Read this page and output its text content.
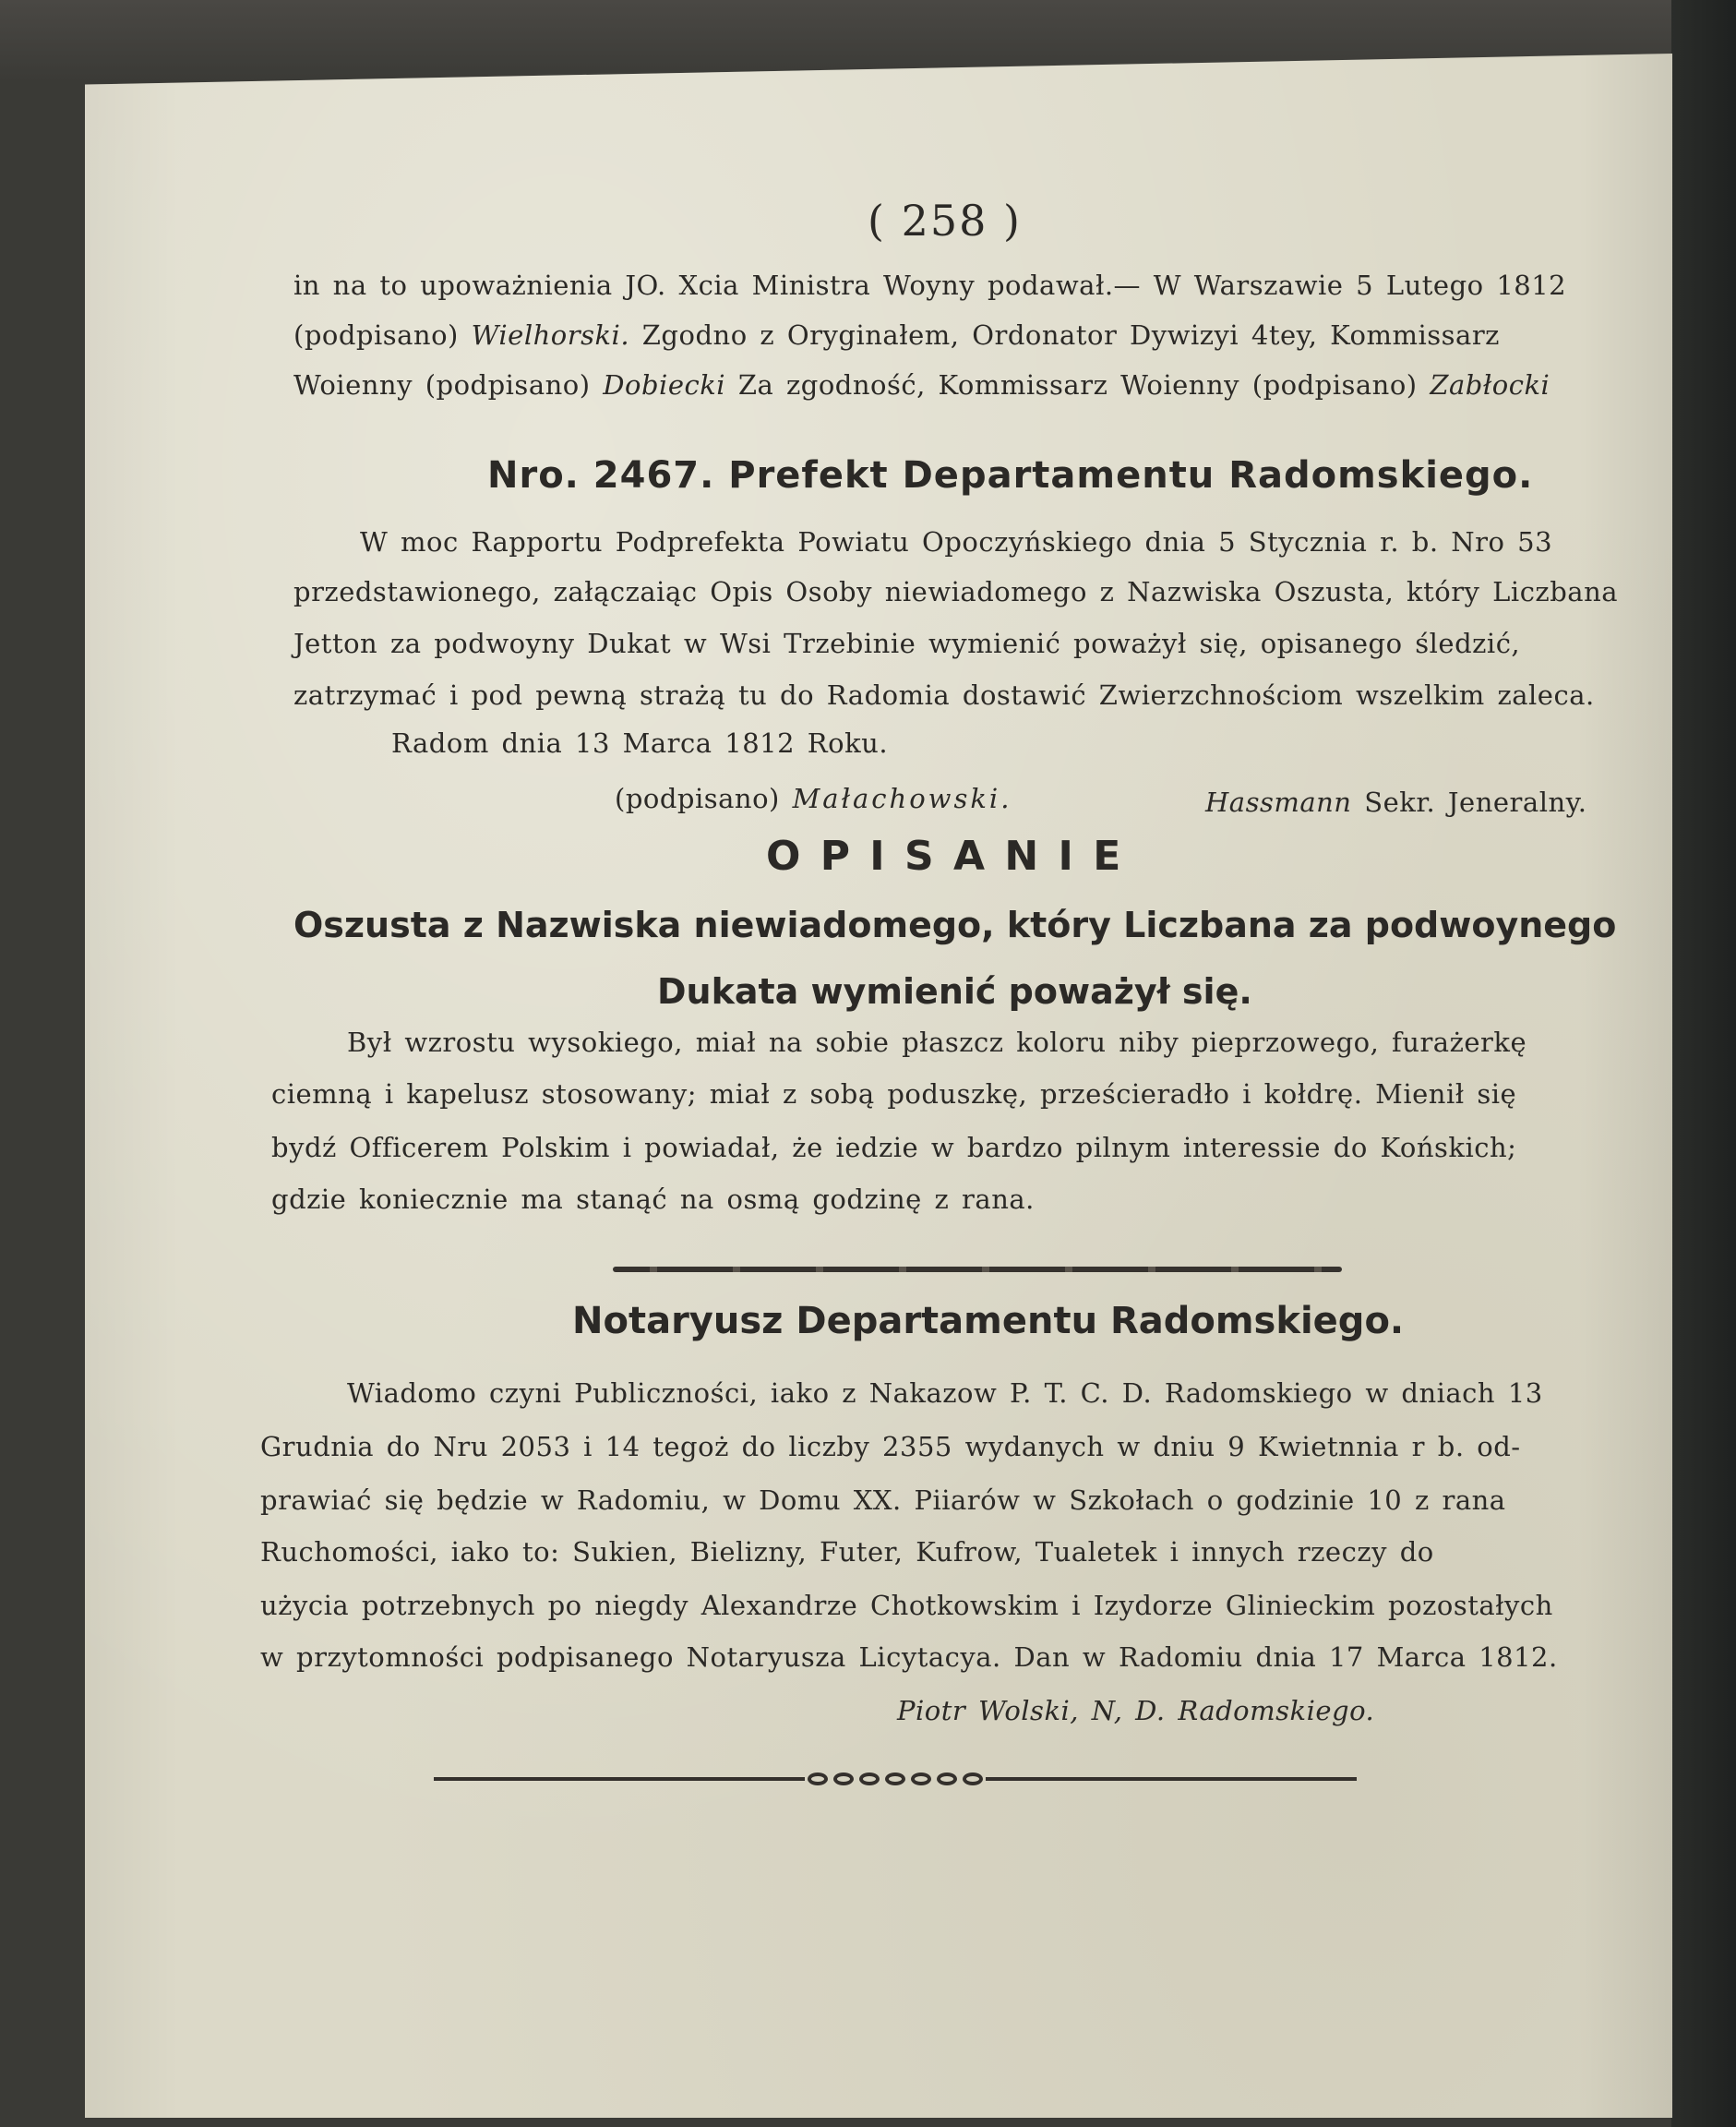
( 258 )
in na to upoważnienia JO. Xcia Ministra Woyny podawał.— W Warszawie 5 Lutego 1812
(podpisano) Wielhorski. Zgodno z Oryginałem, Ordonator Dywizyi 4tey, Kommissarz
Woienny (podpisano) Dobiecki Za zgodność, Kommissarz Woienny (podpisano) Zabłocki
Nro. 2467. Prefekt Departamentu Radomskiego.
W moc Rapportu Podprefekta Powiatu Opoczyńskiego dnia 5 Stycznia r. b. Nro 53
przedstawionego, załączaiąc Opis Osoby niewiadomego z Nazwiska Oszusta, który Liczbana
Jetton za podwoyny Dukat w Wsi Trzebinie wymienić poważył się, opisanego śledzić,
zatrzymać i pod pewną strażą tu do Radomia dostawić Zwierzchnościom wszelkim zaleca.
Radom dnia 13 Marca 1812 Roku.
(podpisano) Małachowski.	Hassmann Sekr. Jeneralny.
O P I S A N I E
Oszusta z Nazwiska niewiadomego, który Liczbana za podwoynego
Dukata wymienić poważył się.
Był wzrostu wysokiego, miał na sobie płaszcz koloru niby pieprzowego, furażerkę
ciemną i kapelusz stosowany; miał z sobą poduszkę, prześcieradło i kołdrę. Mienił się
bydź Officerem Polskim i powiadał, że iedzie w bardzo pilnym interessie do Końskich;
gdzie koniecznie ma stanąć na osmą godzinę z rana.
Notaryusz Departamentu Radomskiego.
Wiadomo czyni Publiczności, iako z Nakazow P. T. C. D. Radomskiego w dniach 13
Grudnia do Nru 2053 i 14 tegoż do liczby 2355 wydanych w dniu 9 Kwietnnia r b. od-
prawiać się będzie w Radomiu, w Domu XX. Piiarów w Szkołach o godzinie 10 z rana
Ruchomości, iako to: Sukien, Bielizny, Futer, Kufrow, Tualetek i innych rzeczy do
użycia potrzebnych po niegdy Alexandrze Chotkowskim i Izydorze Glinieckim pozostałych
w przytomności podpisanego Notaryusza Licytacya. Dan w Radomiu dnia 17 Marca 1812.
Piotr Wolski, N, D. Radomskiego.
